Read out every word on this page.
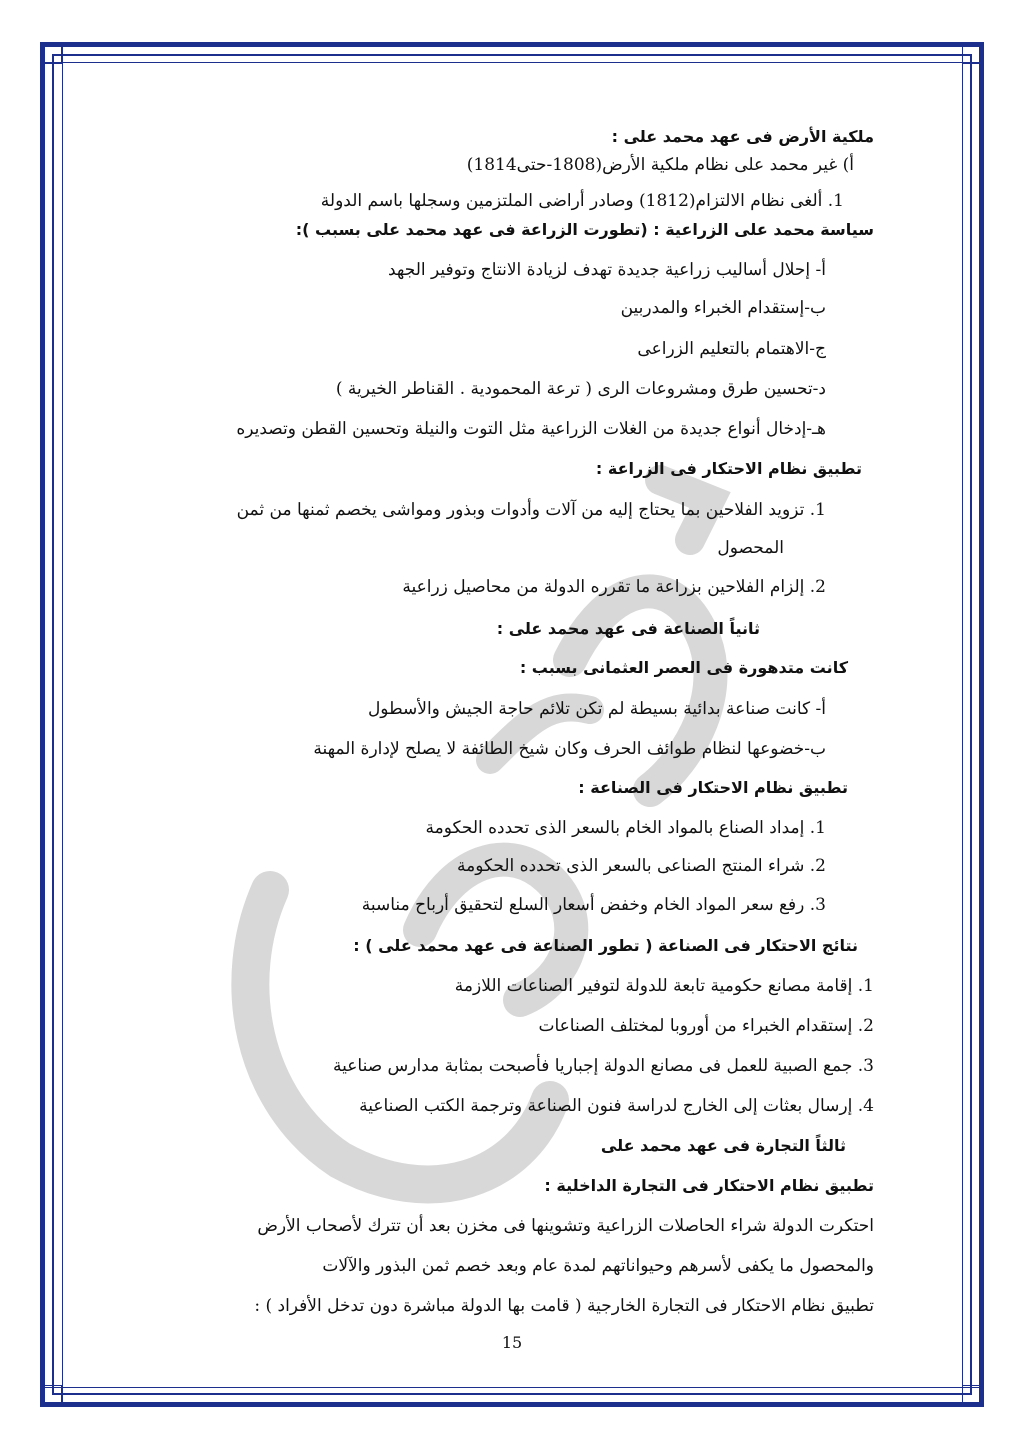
ملكية الأرض فى عهد محمد على :
أ) غير محمد على نظام ملكية الأرض(1808-حتى1814)
1. ألغى نظام الالتزام(1812) وصادر أراضى الملتزمين وسجلها باسم الدولة
سياسة محمد على الزراعية : (تطورت الزراعة فى عهد محمد على بسبب ):
أ- إحلال أساليب زراعية جديدة تهدف لزيادة الانتاج وتوفير الجهد
ب-إستقدام الخبراء والمدربين
ج-الاهتمام بالتعليم الزراعى
د-تحسين طرق ومشروعات الرى ( ترعة المحمودية . القناطر الخيرية )
هـ-إدخال أنواع جديدة من الغلات الزراعية مثل التوت والنيلة وتحسين القطن وتصديره
تطبيق نظام الاحتكار فى الزراعة :
1. تزويد الفلاحين بما يحتاج إليه من آلات وأدوات وبذور ومواشى يخصم ثمنها من ثمن
المحصول
2. إلزام الفلاحين بزراعة ما تقرره الدولة من محاصيل زراعية
ثانياً الصناعة فى عهد محمد على :
كانت متدهورة فى العصر العثمانى بسبب :
أ- كانت صناعة بدائية بسيطة لم تكن تلائم حاجة الجيش والأسطول
ب-خضوعها لنظام طوائف الحرف وكان شيخ الطائفة لا يصلح لإدارة المهنة
تطبيق نظام الاحتكار فى الصناعة :
1. إمداد الصناع بالمواد الخام بالسعر الذى تحدده الحكومة
2. شراء المنتج الصناعى بالسعر الذى تحدده الحكومة
3. رفع سعر المواد الخام وخفض أسعار السلع لتحقيق أرباح مناسبة
نتائج الاحتكار فى الصناعة ( تطور الصناعة فى عهد محمد على ) :
1. إقامة مصانع حكومية تابعة للدولة لتوفير الصناعات اللازمة
2. إستقدام الخبراء من أوروبا لمختلف الصناعات
3. جمع الصبية للعمل فى مصانع الدولة إجباريا فأصبحت بمثابة مدارس صناعية
4. إرسال بعثات إلى الخارج لدراسة فنون الصناعة وترجمة الكتب الصناعية
ثالثاً التجارة فى عهد محمد على
تطبيق نظام الاحتكار فى التجارة الداخلية :
احتكرت الدولة شراء الحاصلات الزراعية وتشوينها فى مخزن بعد أن تترك لأصحاب الأرض
والمحصول ما يكفى لأسرهم وحيواناتهم لمدة عام وبعد خصم ثمن البذور والآلات
تطبيق نظام الاحتكار فى التجارة الخارجية ( قامت بها الدولة مباشرة دون تدخل الأفراد ) :
15
